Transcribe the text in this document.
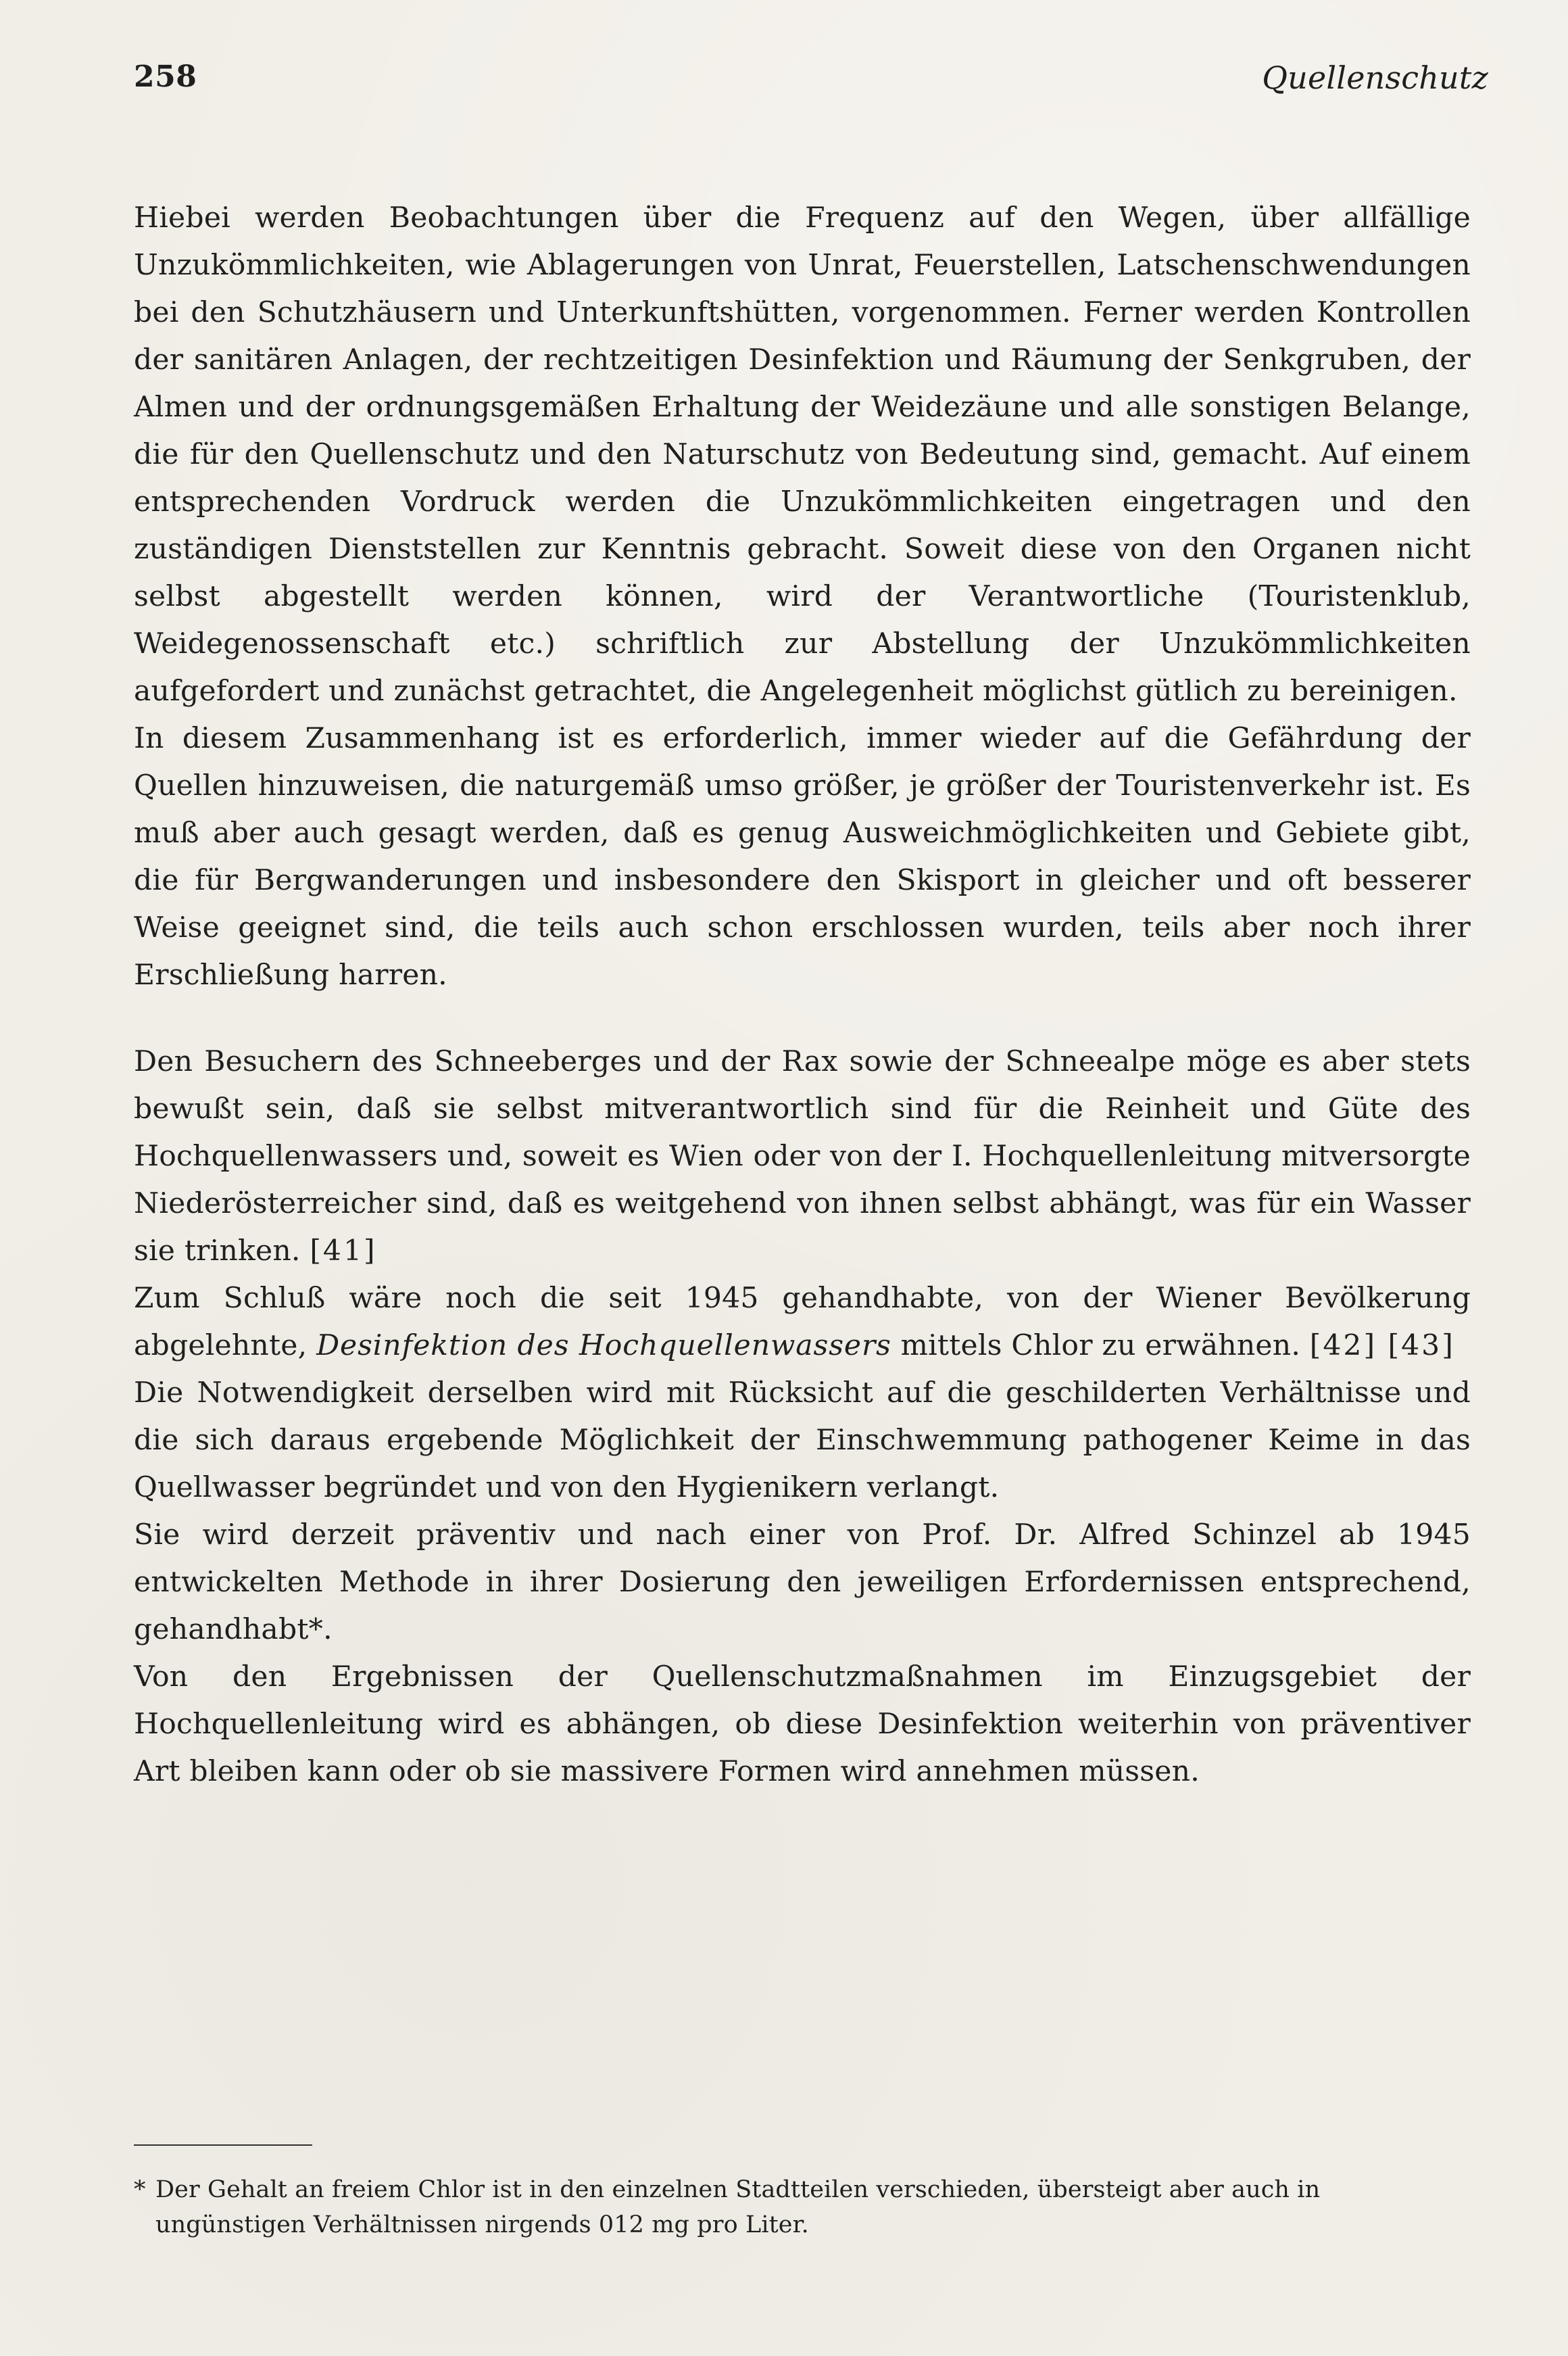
258	Quellenschutz

Hiebei werden Beobachtungen über die Frequenz auf den Wegen, über allfällige Unzukömmlichkeiten, wie Ablagerungen von Unrat, Feuerstellen, Latschenschwendungen bei den Schutzhäusern und Unterkunftshütten, vorgenommen. Ferner werden Kontrollen der sanitären Anlagen, der rechtzeitigen Desinfektion und Räumung der Senkgruben, der Almen und der ordnungsgemäßen Erhaltung der Weidezäune und alle sonstigen Belange, die für den Quellenschutz und den Naturschutz von Bedeutung sind, gemacht. Auf einem entsprechenden Vordruck werden die Unzukömmlichkeiten eingetragen und den zuständigen Dienststellen zur Kenntnis gebracht. Soweit diese von den Organen nicht selbst abgestellt werden können, wird der Verantwortliche (Touristenklub, Weidegenossenschaft etc.) schriftlich zur Abstellung der Unzukömmlichkeiten aufgefordert und zunächst getrachtet, die Angelegenheit möglichst gütlich zu bereinigen.

In diesem Zusammenhang ist es erforderlich, immer wieder auf die Gefährdung der Quellen hinzuweisen, die naturgemäß umso größer, je größer der Touristenverkehr ist. Es muß aber auch gesagt werden, daß es genug Ausweichmöglichkeiten und Gebiete gibt, die für Bergwanderungen und insbesondere den Skisport in gleicher und oft besserer Weise geeignet sind, die teils auch schon erschlossen wurden, teils aber noch ihrer Erschließung harren.

Den Besuchern des Schneeberges und der Rax sowie der Schneealpe möge es aber stets bewußt sein, daß sie selbst mitverantwortlich sind für die Reinheit und Güte des Hochquellenwassers und, soweit es Wien oder von der I. Hochquellenleitung mitversorgte Niederösterreicher sind, daß es weitgehend von ihnen selbst abhängt, was für ein Wasser sie trinken. [41]

Zum Schluß wäre noch die seit 1945 gehandhabte, von der Wiener Bevölkerung abgelehnte, Desinfektion des Hochquellenwassers mittels Chlor zu erwähnen. [42] [43]

Die Notwendigkeit derselben wird mit Rücksicht auf die geschilderten Verhältnisse und die sich daraus ergebende Möglichkeit der Einschwemmung pathogener Keime in das Quellwasser begründet und von den Hygienikern verlangt.

Sie wird derzeit präventiv und nach einer von Prof. Dr. Alfred Schinzel ab 1945 entwickelten Methode in ihrer Dosierung den jeweiligen Erfordernissen entsprechend, gehandhabt*.

Von den Ergebnissen der Quellenschutzmaßnahmen im Einzugsgebiet der Hochquellenleitung wird es abhängen, ob diese Desinfektion weiterhin von präventiver Art bleiben kann oder ob sie massivere Formen wird annehmen müssen.

* Der Gehalt an freiem Chlor ist in den einzelnen Stadtteilen verschieden, übersteigt aber auch in
ungünstigen Verhältnissen nirgends 012 mg pro Liter.
